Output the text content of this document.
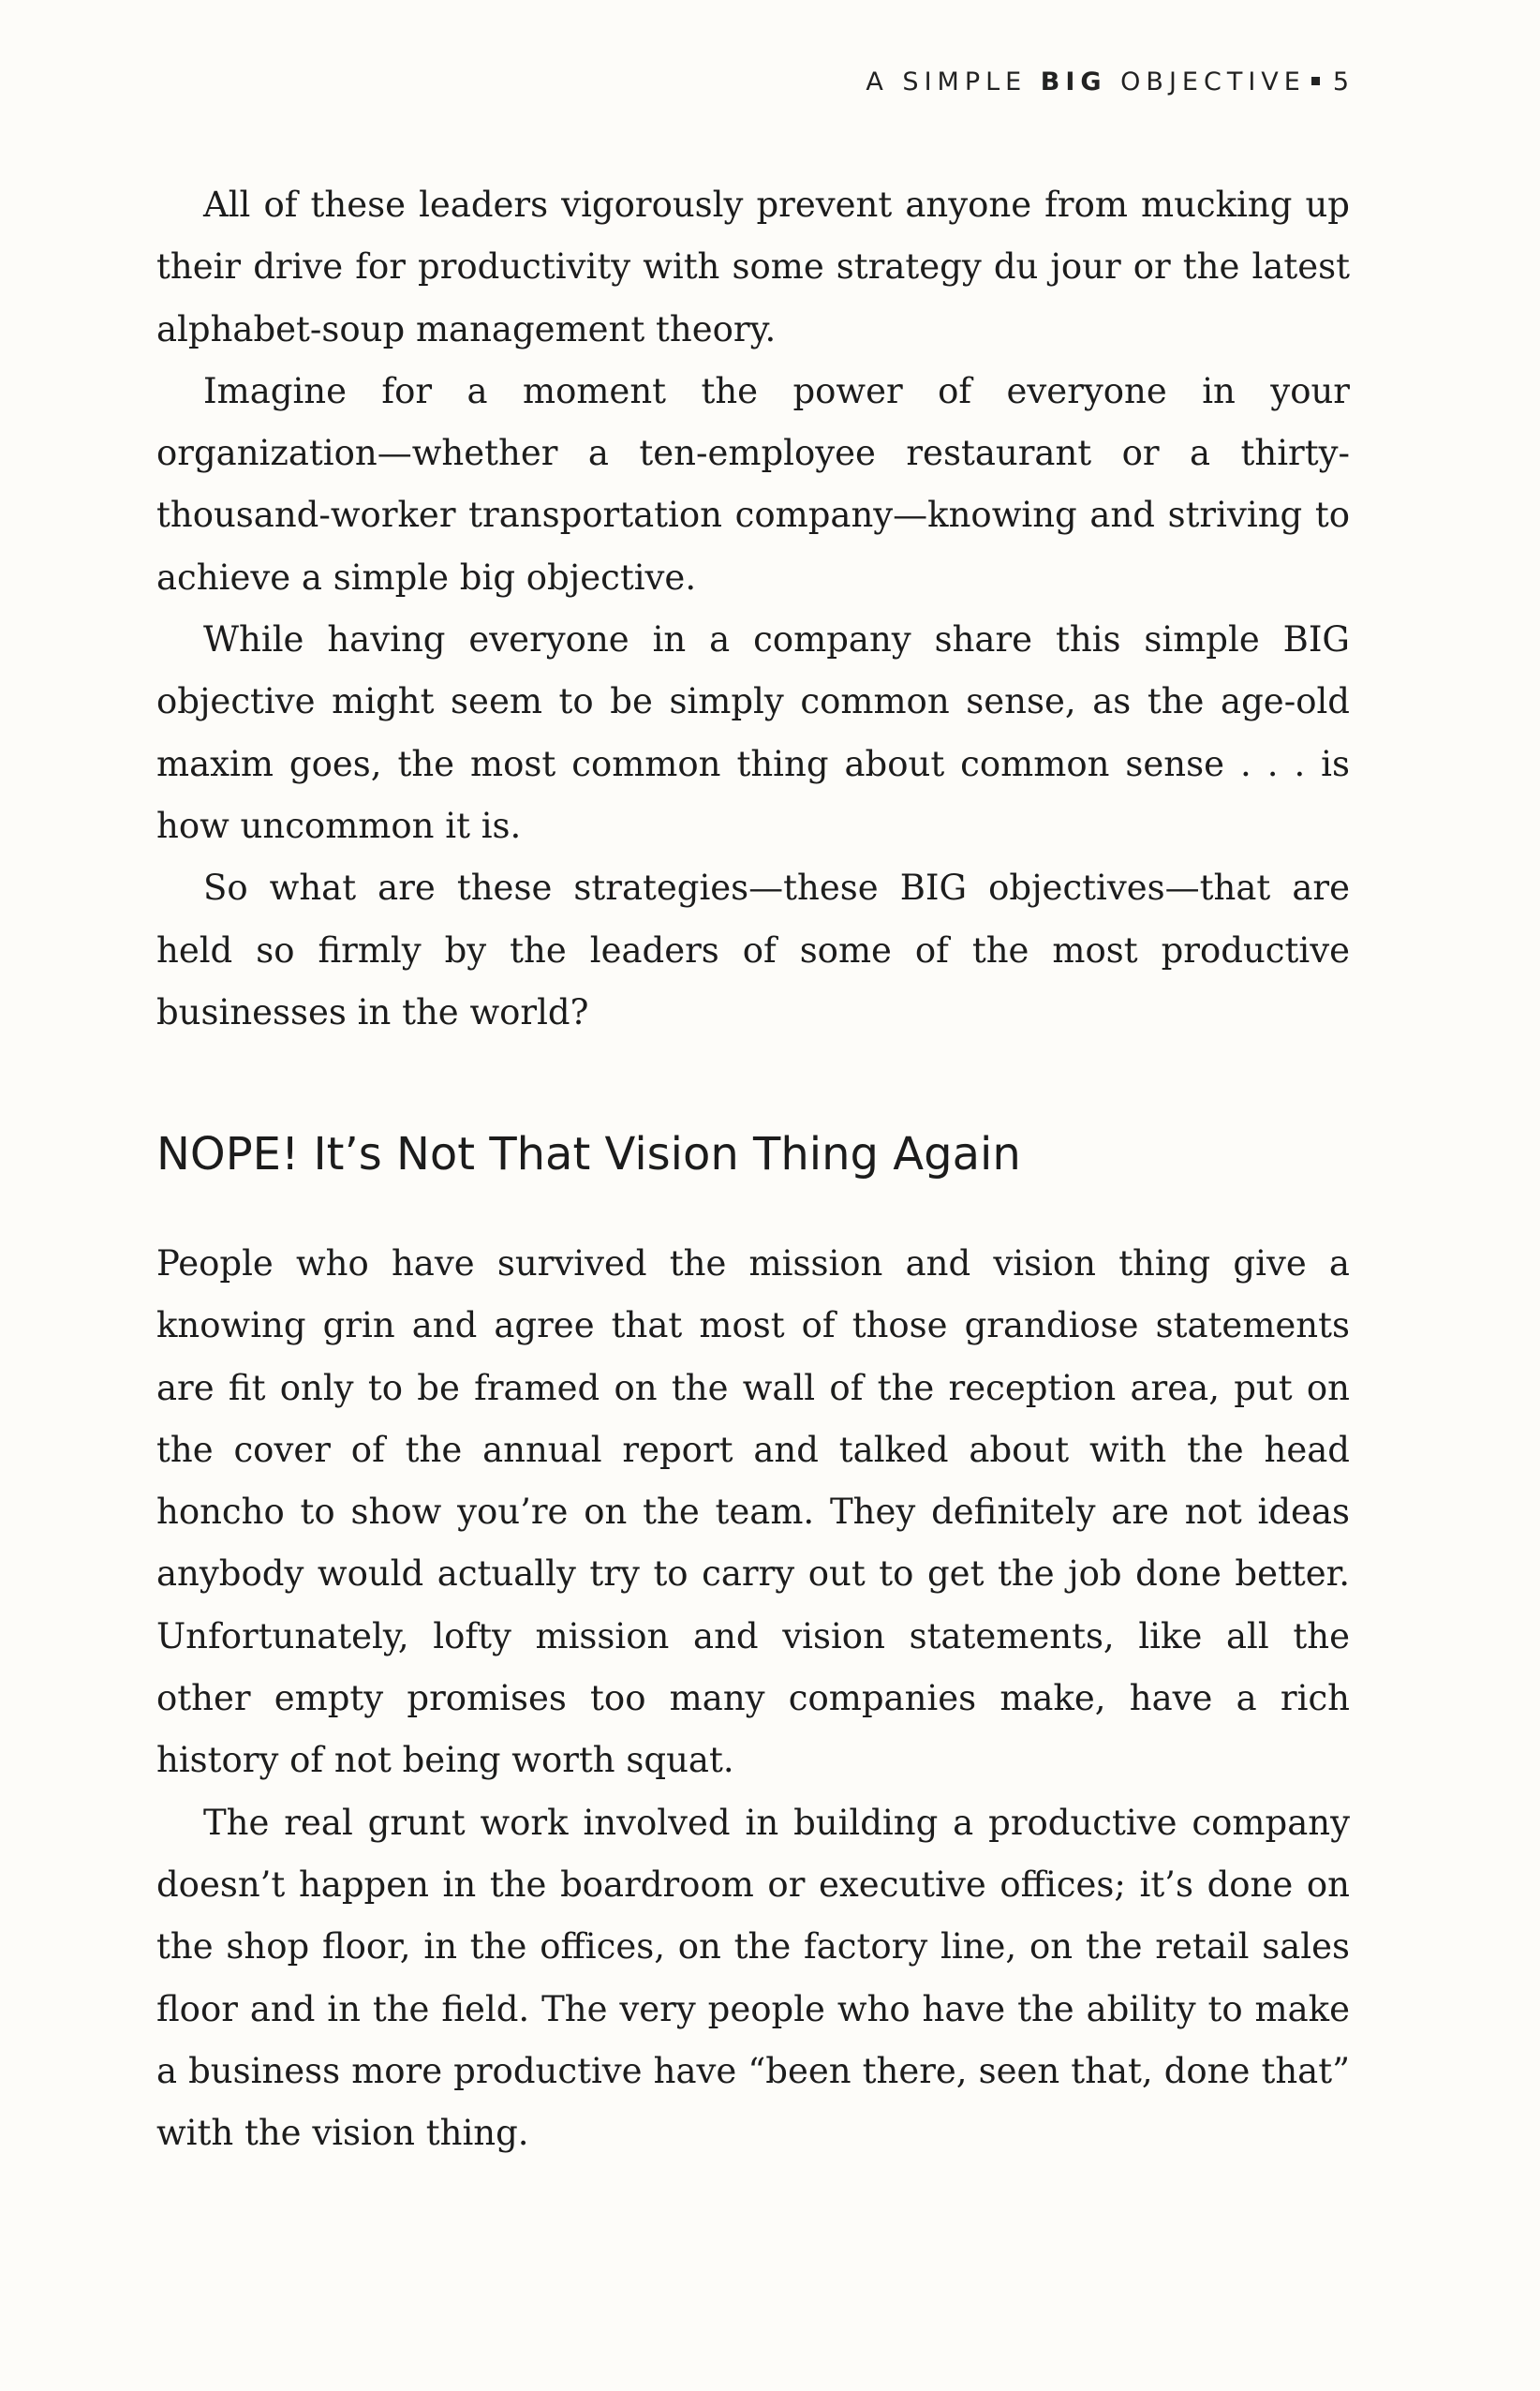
A SIMPLE BIG OBJECTIVE 5

All of these leaders vigorously prevent anyone from mucking up their drive for productivity with some strategy du jour or the latest alphabet-soup management theory.

Imagine for a moment the power of everyone in your organization—whether a ten-employee restaurant or a thirty-thousand-worker transportation company—knowing and striving to achieve a simple big objective.

While having everyone in a company share this simple BIG objective might seem to be simply common sense, as the age-old maxim goes, the most common thing about common sense . . . is how uncommon it is.

So what are these strategies—these BIG objectives—that are held so firmly by the leaders of some of the most productive businesses in the world?

NOPE! It’s Not That Vision Thing Again

People who have survived the mission and vision thing give a knowing grin and agree that most of those grandiose statements are fit only to be framed on the wall of the reception area, put on the cover of the annual report and talked about with the head honcho to show you’re on the team. They definitely are not ideas anybody would actually try to carry out to get the job done better. Unfortunately, lofty mission and vision statements, like all the other empty promises too many companies make, have a rich history of not being worth squat.

The real grunt work involved in building a productive company doesn’t happen in the boardroom or executive offices; it’s done on the shop floor, in the offices, on the factory line, on the retail sales floor and in the field. The very people who have the ability to make a business more productive have “been there, seen that, done that” with the vision thing.
